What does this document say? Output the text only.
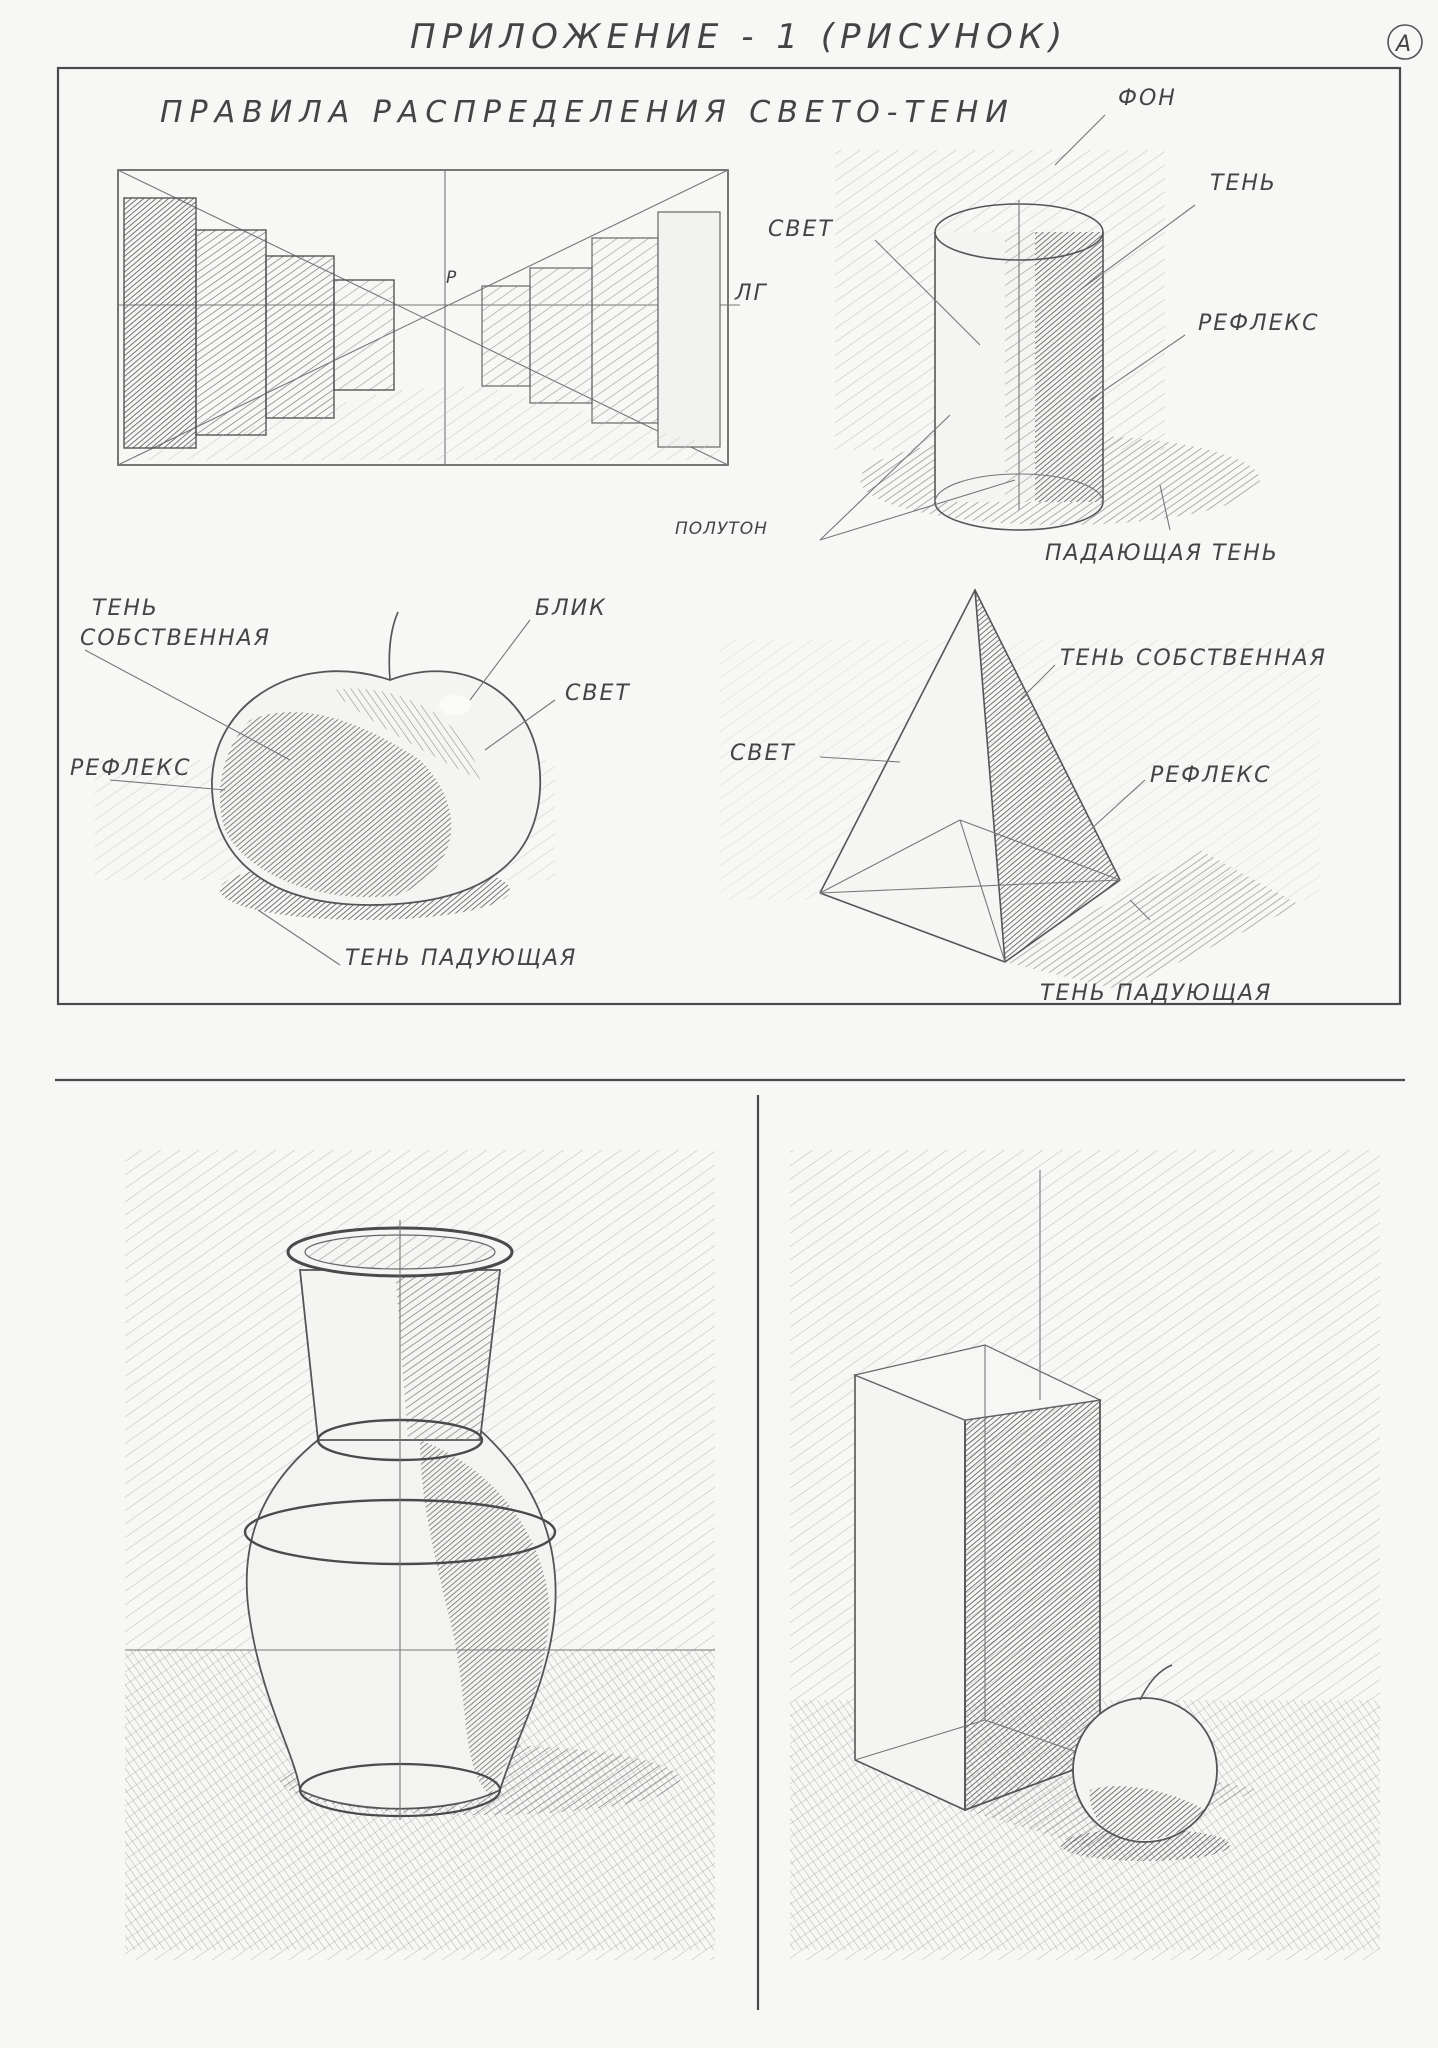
ПРИЛОЖЕНИЕ - 1 (РИСУНОК)	А
ПРАВИЛА РАСПРЕДЕЛЕНИЯ СВЕТО-ТЕНИ
Р
ЛГ
ФОН
ТЕНЬ
СВЕТ
РЕФЛЕКС
ПОЛУТОН
ПАДАЮЩАЯ ТЕНЬ
ТЕНЬ
СОБСТВЕННАЯ
БЛИК
СВЕТ
РЕФЛЕКС
ТЕНЬ ПАДУЮЩАЯ
ТЕНЬ СОБСТВЕННАЯ
СВЕТ
РЕФЛЕКС
ТЕНЬ ПАДУЮЩАЯ
